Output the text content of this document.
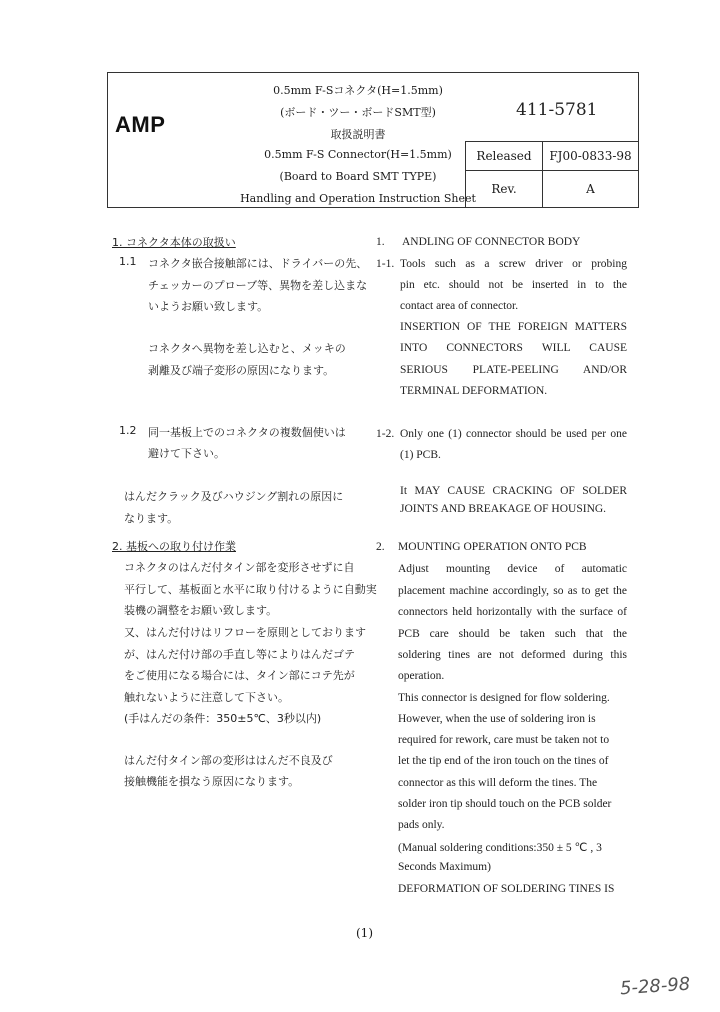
AMP
0.5mm F-Sコネクタ(H=1.5mm)
(ボード・ツー・ボードSMT型)
取扱説明書
0.5mm F-S Connector(H=1.5mm)
(Board to Board SMT TYPE)
Handling and Operation Instruction Sheet
411-5781
Released	FJ00-0833-98
Rev.	A
1. コネクタ本体の取扱い
1.1 コネクタ嵌合接触部には、ドライバーの先、
チェッカーのプローブ等、異物を差し込まな
いようお願い致します。
コネクタへ異物を差し込むと、メッキの
剥離及び端子変形の原因になります。
1.2 同一基板上でのコネクタの複数個使いは
避けて下さい。
はんだクラック及びハウジング割れの原因に
なります。
2. 基板への取り付け作業
コネクタのはんだ付タイン部を変形させずに自
平行して、基板面と水平に取り付けるように自動実
装機の調整をお願い致します。
又、はんだ付けはリフローを原則としております
が、はんだ付け部の手直し等によりはんだゴテ
をご使用になる場合には、タイン部にコテ先が
触れないように注意して下さい。
(手はんだの条件：350±5℃、3秒以内)
はんだ付タイン部の変形ははんだ不良及び
接触機能を損なう原因になります。
1. ANDLING OF CONNECTOR BODY
1-1. Tools such as a screw driver or probing
pin etc. should not be inserted in to the
contact area of connector.
INSERTION OF THE FOREIGN MATTERS
INTO CONNECTORS WILL CAUSE
SERIOUS PLATE-PEELING AND/OR
TERMINAL DEFORMATION.
1-2. Only one (1) connector should be used per one
(1) PCB.
It MAY CAUSE CRACKING OF SOLDER
JOINTS AND BREAKAGE OF HOUSING.
2. MOUNTING OPERATION ONTO PCB
Adjust mounting device of automatic
placement machine accordingly, so as to get the
connectors held horizontally with the surface of
PCB care should be taken such that the
soldering tines are not deformed during this
operation.
This connector is designed for flow soldering.
However, when the use of soldering iron is
required for rework, care must be taken not to
let the tip end of the iron touch on the tines of
connector as this will deform the tines. The
solder iron tip should touch on the PCB solder
pads only.
(Manual soldering conditions:350 ± 5 ℃ , 3
Seconds Maximum)
DEFORMATION OF SOLDERING TINES IS
(1)
5-28-98
